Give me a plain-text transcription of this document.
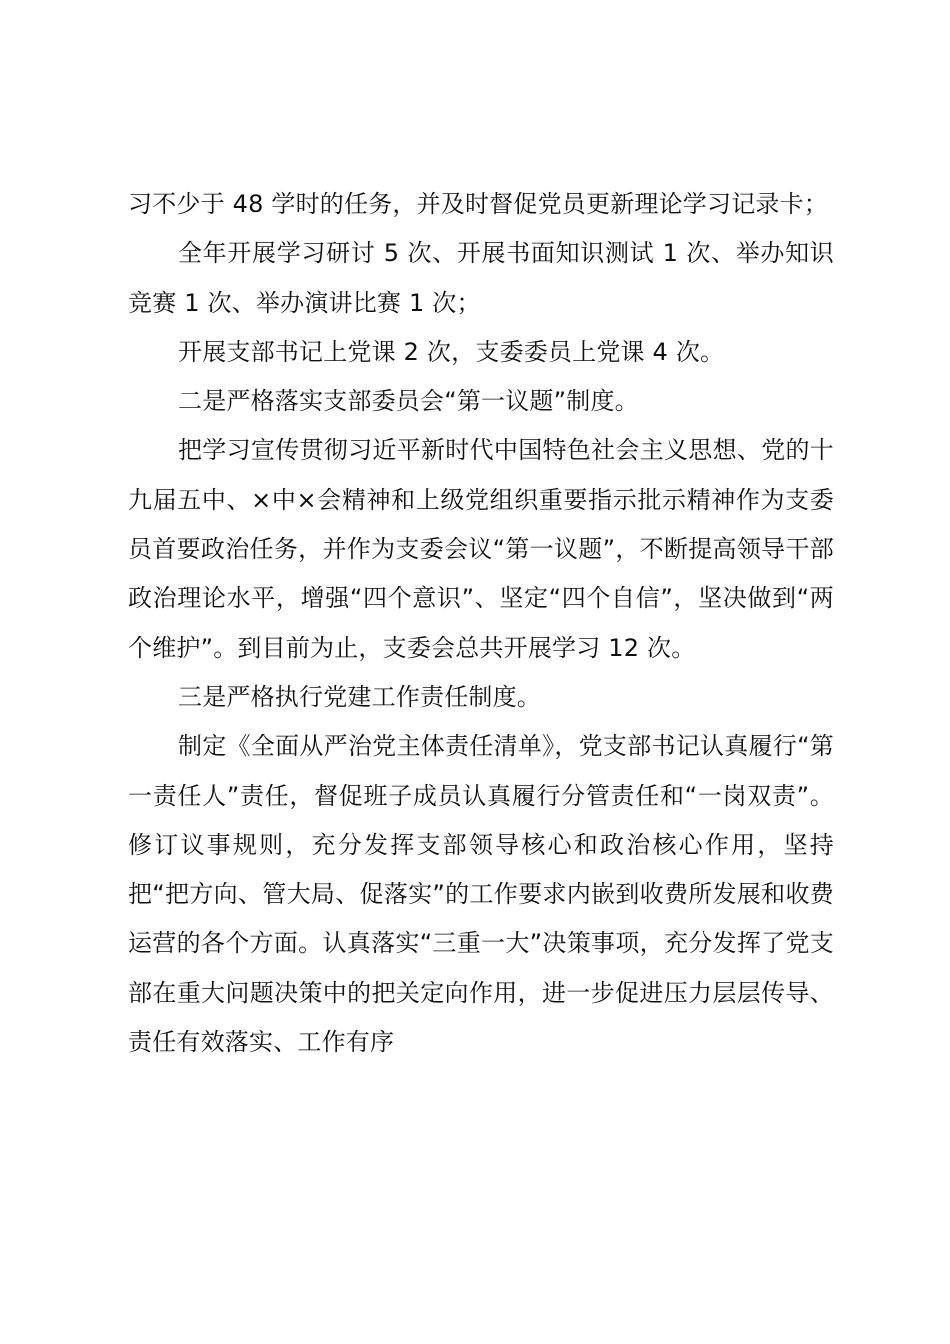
习不少于 48 学时的任务，并及时督促党员更新理论学习记录卡；

全年开展学习研讨 5 次、开展书面知识测试 1 次、举办知识竞赛 1 次、举办演讲比赛 1 次；

开展支部书记上党课 2 次，支委委员上党课 4 次。

二是严格落实支部委员会“第一议题”制度。

把学习宣传贯彻习近平新时代中国特色社会主义思想、党的十九届五中、×中×会精神和上级党组织重要指示批示精神作为支委员首要政治任务，并作为支委会议“第一议题”，不断提高领导干部政治理论水平，增强“四个意识”、坚定“四个自信”，坚决做到“两个维护”。到目前为止，支委会总共开展学习 12 次。

三是严格执行党建工作责任制度。

制定《全面从严治党主体责任清单》，党支部书记认真履行“第一责任人”责任，督促班子成员认真履行分管责任和“一岗双责”。修订议事规则，充分发挥支部领导核心和政治核心作用，坚持把“把方向、管大局、促落实”的工作要求内嵌到收费所发展和收费运营的各个方面。认真落实“三重一大”决策事项，充分发挥了党支部在重大问题决策中的把关定向作用，进一步促进压力层层传导、责任有效落实、工作有序
